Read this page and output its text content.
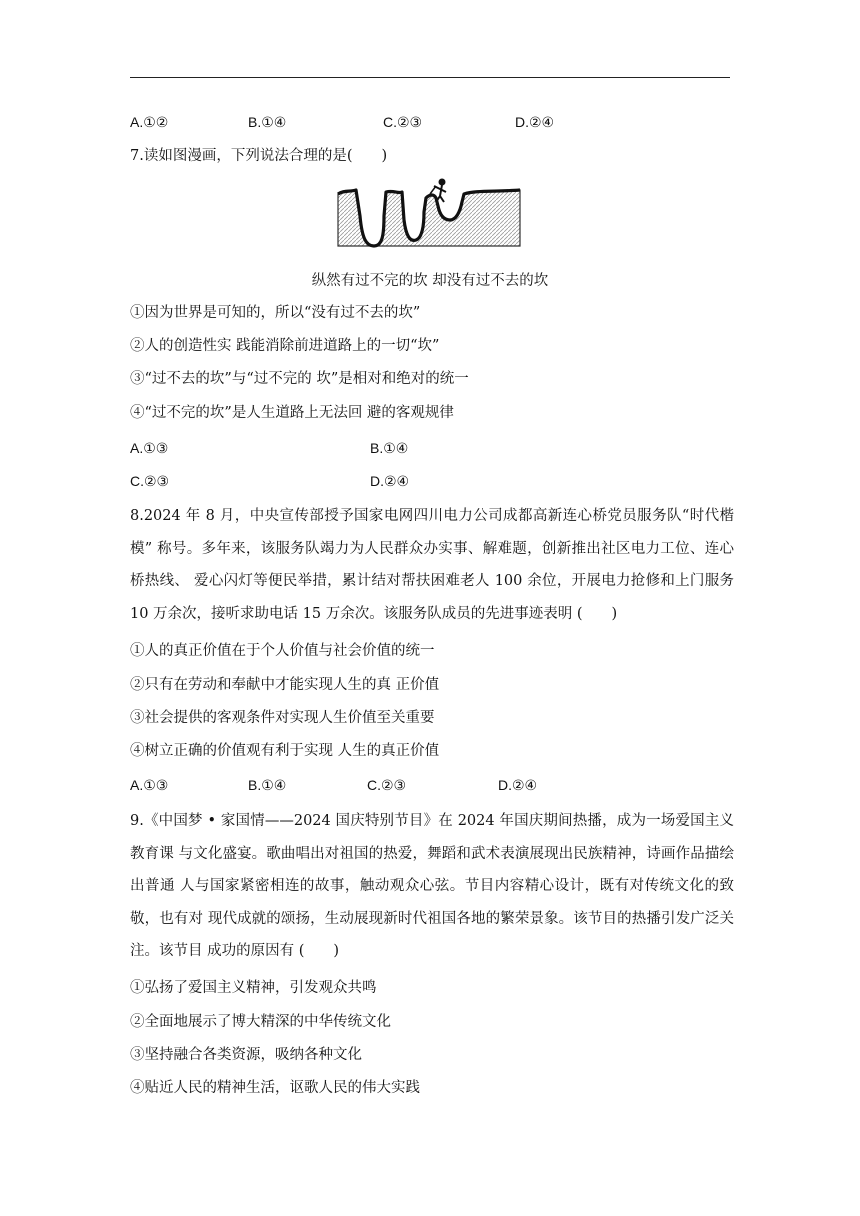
A.①②	B.①④	C.②③	D.②④
7.读如图漫画，下列说法合理的是(　　)
纵然有过不完的坎 却没有过不去的坎
①因为世界是可知的，所以“没有过不去的坎”
②人的创造性实 践能消除前进道路上的一切“坎”
③“过不去的坎”与“过不完的 坎”是相对和绝对的统一
④“过不完的坎”是人生道路上无法回 避的客观规律
A.①③	B.①④
C.②③	D.②④
8.2024 年 8 月，中央宣传部授予国家电网四川电力公司成都高新连心桥党员服务队“时代楷模” 称号。多年来，该服务队竭力为人民群众办实事、解难题，创新推出社区电力工位、连心桥热线、 爱心闪灯等便民举措，累计结对帮扶困难老人 100 余位，开展电力抢修和上门服务 10 万余次，接听求助电话 15 万余次。该服务队成员的先进事迹表明 (　　)
①人的真正价值在于个人价值与社会价值的统一
②只有在劳动和奉献中才能实现人生的真 正价值
③社会提供的客观条件对实现人生价值至关重要
④树立正确的价值观有利于实现 人生的真正价值
A.①③	B.①④	C.②③	D.②④
9.《中国梦 • 家国情——2024 国庆特别节目》在 2024 年国庆期间热播，成为一场爱国主义教育课 与文化盛宴。歌曲唱出对祖国的热爱，舞蹈和武术表演展现出民族精神，诗画作品描绘出普通 人与国家紧密相连的故事，触动观众心弦。节目内容精心设计，既有对传统文化的致敬，也有对 现代成就的颂扬，生动展现新时代祖国各地的繁荣景象。该节目的热播引发广泛关注。该节目 成功的原因有 (　　)
①弘扬了爱国主义精神，引发观众共鸣
②全面地展示了博大精深的中华传统文化
③坚持融合各类资源，吸纳各种文化
④贴近人民的精神生活，讴歌人民的伟大实践
